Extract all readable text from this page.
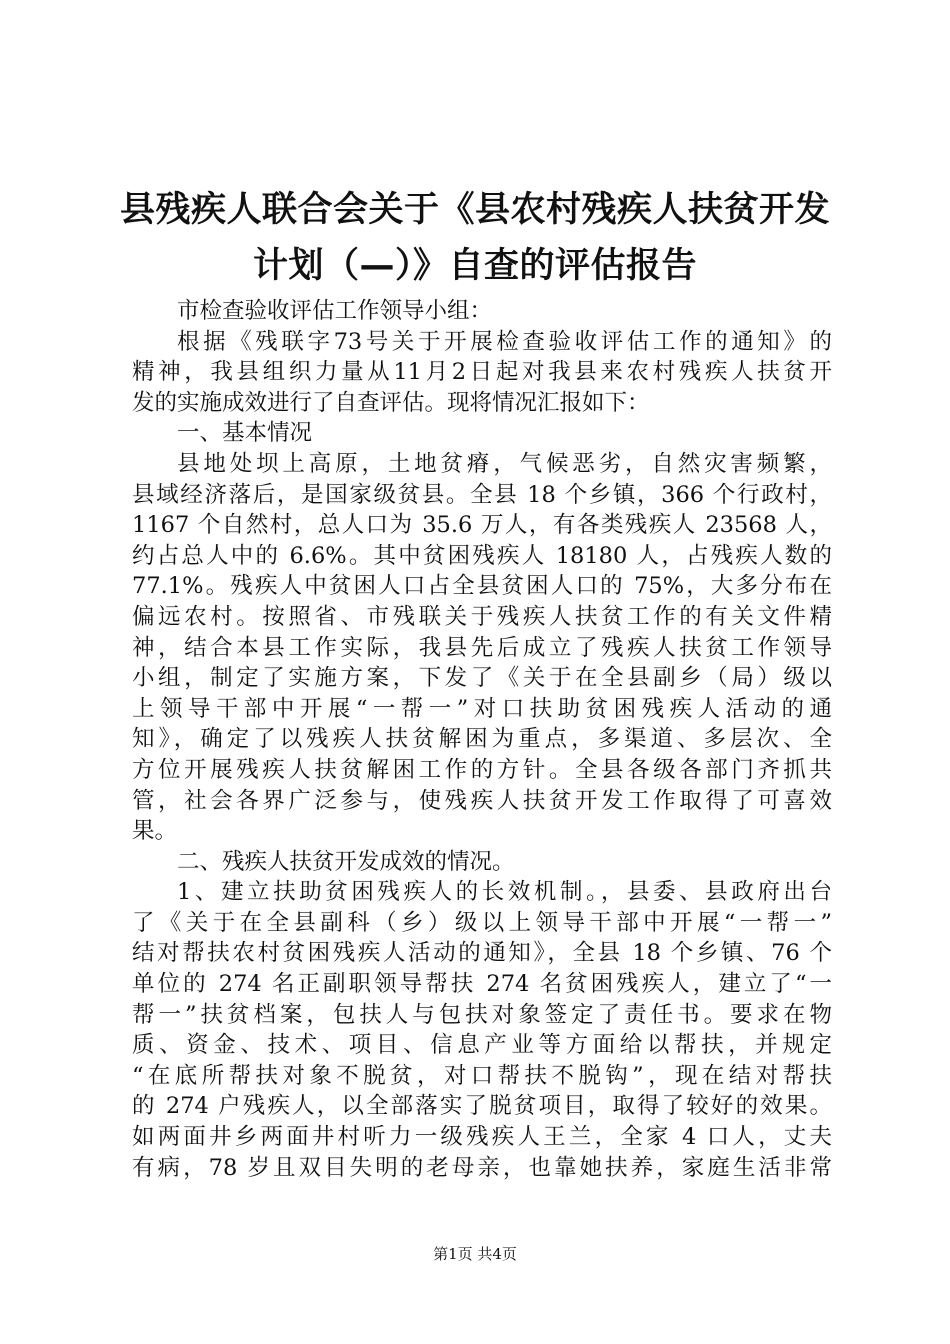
县残疾人联合会关于《县农村残疾人扶贫开发
计划（—）》自查的评估报告
市检查验收评估工作领导小组：
根据《残联字73号关于开展检查验收评估工作的通知》的
精神，我县组织力量从11月2日起对我县来农村残疾人扶贫开
发的实施成效进行了自查评估。现将情况汇报如下：
一、基本情况
县地处坝上高原，土地贫瘠，气候恶劣，自然灾害频繁，
县域经济落后，是国家级贫县。全县 18 个乡镇，366 个行政村，
1167 个自然村，总人口为 35.6 万人，有各类残疾人 23568 人，
约占总人中的 6.6%。其中贫困残疾人 18180 人，占残疾人数的
77.1%。残疾人中贫困人口占全县贫困人口的 75%，大多分布在
偏远农村。按照省、市残联关于残疾人扶贫工作的有关文件精
神，结合本县工作实际，我县先后成立了残疾人扶贫工作领导
小组，制定了实施方案，下发了《关于在全县副乡（局）级以
上领导干部中开展“一帮一”对口扶助贫困残疾人活动的通
知》，确定了以残疾人扶贫解困为重点，多渠道、多层次、全
方位开展残疾人扶贫解困工作的方针。全县各级各部门齐抓共
管，社会各界广泛参与，使残疾人扶贫开发工作取得了可喜效
果。
二、残疾人扶贫开发成效的情况。
1、建立扶助贫困残疾人的长效机制。，县委、县政府出台
了《关于在全县副科（乡）级以上领导干部中开展“一帮一”
结对帮扶农村贫困残疾人活动的通知》，全县 18 个乡镇、76 个
单位的 274 名正副职领导帮扶 274 名贫困残疾人，建立了“一
帮一”扶贫档案，包扶人与包扶对象签定了责任书。要求在物
质、资金、技术、项目、信息产业等方面给以帮扶，并规定
“在底所帮扶对象不脱贫，对口帮扶不脱钩”，现在结对帮扶
的 274 户残疾人，以全部落实了脱贫项目，取得了较好的效果。
如两面井乡两面井村听力一级残疾人王兰，全家 4 口人，丈夫
有病，78 岁且双目失明的老母亲，也靠她扶养，家庭生活非常
第1页 共4页
